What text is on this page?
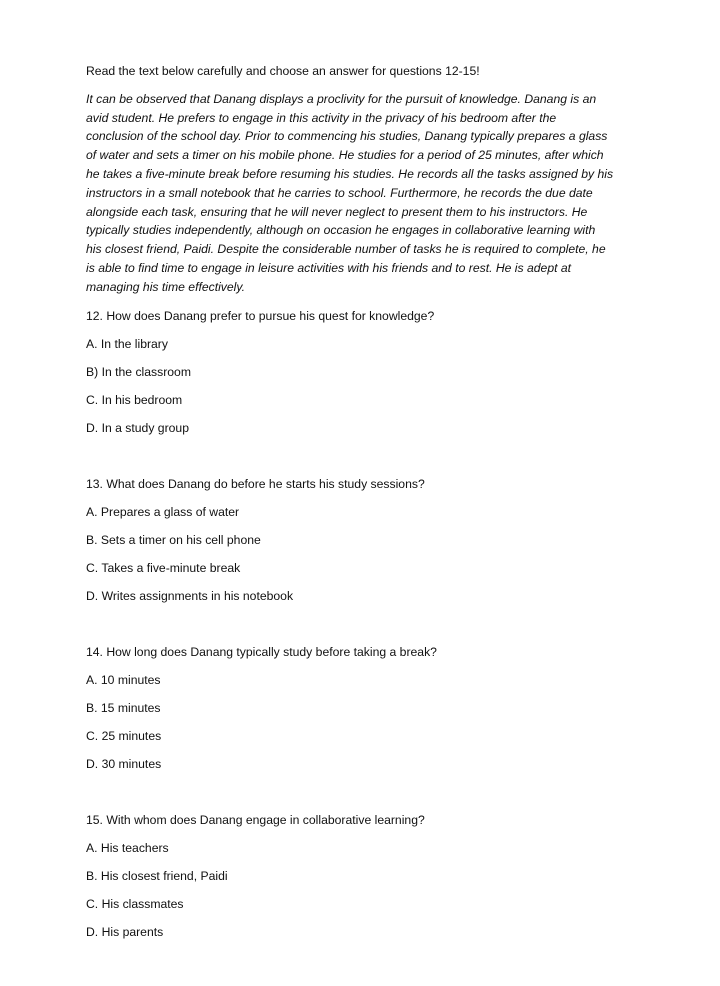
Read the text below carefully and choose an answer for questions 12-15!

It can be observed that Danang displays a proclivity for the pursuit of knowledge. Danang is an
avid student. He prefers to engage in this activity in the privacy of his bedroom after the
conclusion of the school day. Prior to commencing his studies, Danang typically prepares a glass
of water and sets a timer on his mobile phone. He studies for a period of 25 minutes, after which
he takes a five-minute break before resuming his studies. He records all the tasks assigned by his
instructors in a small notebook that he carries to school. Furthermore, he records the due date
alongside each task, ensuring that he will never neglect to present them to his instructors. He
typically studies independently, although on occasion he engages in collaborative learning with
his closest friend, Paidi. Despite the considerable number of tasks he is required to complete, he
is able to find time to engage in leisure activities with his friends and to rest. He is adept at
managing his time effectively.
12. How does Danang prefer to pursue his quest for knowledge?
A. In the library
B) In the classroom
C. In his bedroom
D. In a study group
13. What does Danang do before he starts his study sessions?
A. Prepares a glass of water
B. Sets a timer on his cell phone
C. Takes a five-minute break
D. Writes assignments in his notebook
14. How long does Danang typically study before taking a break?
A. 10 minutes
B. 15 minutes
C. 25 minutes
D. 30 minutes
15. With whom does Danang engage in collaborative learning?
A. His teachers
B. His closest friend, Paidi
C. His classmates
D. His parents
